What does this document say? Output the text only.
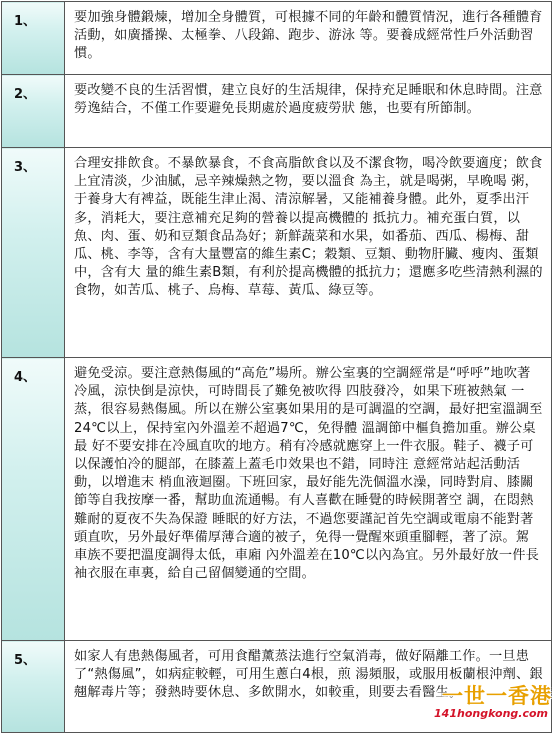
1、	要加強身體鍛煉，增加全身體質，可根據不同的年齡和體質情況，進行各種體育活動，如廣播操、太極拳、八段錦、跑步、游泳 等。要養成經常性戶外活動習慣。
2、	要改變不良的生活習慣，建立良好的生活規律，保持充足睡眠和休息時間。注意勞逸結合，不僅工作要避免長期處於過度疲勞狀 態，也要有所節制。
3、	合理安排飲食。不暴飲暴食，不食高脂飲食以及不潔食物，喝冷飲要適度；飲食上宜清淡，少油膩，忌辛辣燥熱之物，要以溫食 為主，就是喝粥，早晚喝 粥，于養身大有裨益，既能生津止渴、清涼解暑，又能補養身體。此外，夏季出汗多，消耗大，要注意補充足夠的營養以提高機體的 抵抗力。補充蛋白質，以魚、肉、蛋、奶和豆類食品為好；新鮮蔬菜和水果，如番茄、西瓜、楊梅、甜瓜、桃、李等，含有大量豐富的維生素C；穀類、豆類、動物肝臟、瘦肉、蛋類中，含有大 量的維生素B類，有利於提高機體的抵抗力；還應多吃些清熱利濕的食物，如苦瓜、桃子、烏梅、草莓、黃瓜、綠豆等。
4、	避免受涼。要注意熱傷風的“高危”場所。辦公室裏的空調經常是“呼呼”地吹著冷風，涼快倒是涼快，可時間長了難免被吹得 四肢發冷，如果下班被熱氣 一蒸，很容易熱傷風。所以在辦公室裏如果用的是可調溫的空調，最好把室溫調至24℃以上，保持室內外溫差不超過7℃，免得體 溫調節中樞負擔加重。辦公桌最 好不要安排在冷風直吹的地方。稍有冷感就應穿上一件衣服。鞋子、襪子可以保護怕冷的腿部，在膝蓋上蓋毛巾效果也不錯，同時注 意經常站起活動活動，以增進末 梢血液迴圈。下班回家，最好能先洗個溫水澡，同時對肩、膝關節等自我按摩一番，幫助血流通暢。有人喜歡在睡覺的時候開著空 調，在悶熱難耐的夏夜不失為保證 睡眠的好方法，不過您要謹記首先空調或電扇不能對著頭直吹，另外最好準備厚薄合適的被子，免得一覺醒來頭重腳輕，著了涼。駕 車族不要把溫度調得太低，車廂 內外溫差在10℃以內為宜。另外最好放一件長袖衣服在車裏，給自己留個變通的空間。
5、	如家人有患熱傷風者，可用食醋薰蒸法進行空氣消毒，做好隔離工作。一旦患了“熱傷風”，如病症較輕，可用生蔥白4根，煎 湯頻服，或服用板蘭根沖劑、銀翹解毒片等；發熱時要休息、多飲開水，如較重，則要去看醫生。
一世一香港
141hongkong.com
